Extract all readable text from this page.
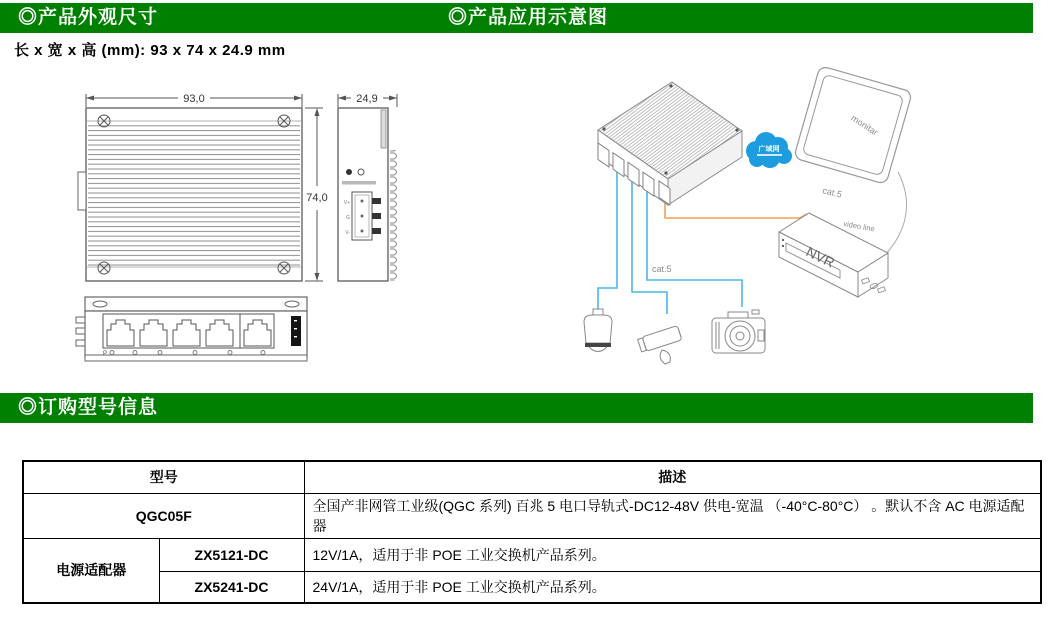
◎产品外观尺寸	◎产品应用示意图
长 x 宽 x 高 (mm): 93 x 74 x 24.9 mm
93,0
74,0
24,9
V+
G
V-
P
广域网
monitar
cat.5
video line
NVR
cat.5
◎订购型号信息
型号		描述
QGC05F		全国产非网管工业级(QGC 系列) 百兆 5 电口导轨式-DC12-48V 供电-宽温 （-40°C-80°C） 。默认不含 AC 电源适配器
电源适配器	ZX5121-DC	12V/1A，适用于非 POE 工业交换机产品系列。
	ZX5241-DC	24V/1A，适用于非 POE 工业交换机产品系列。
